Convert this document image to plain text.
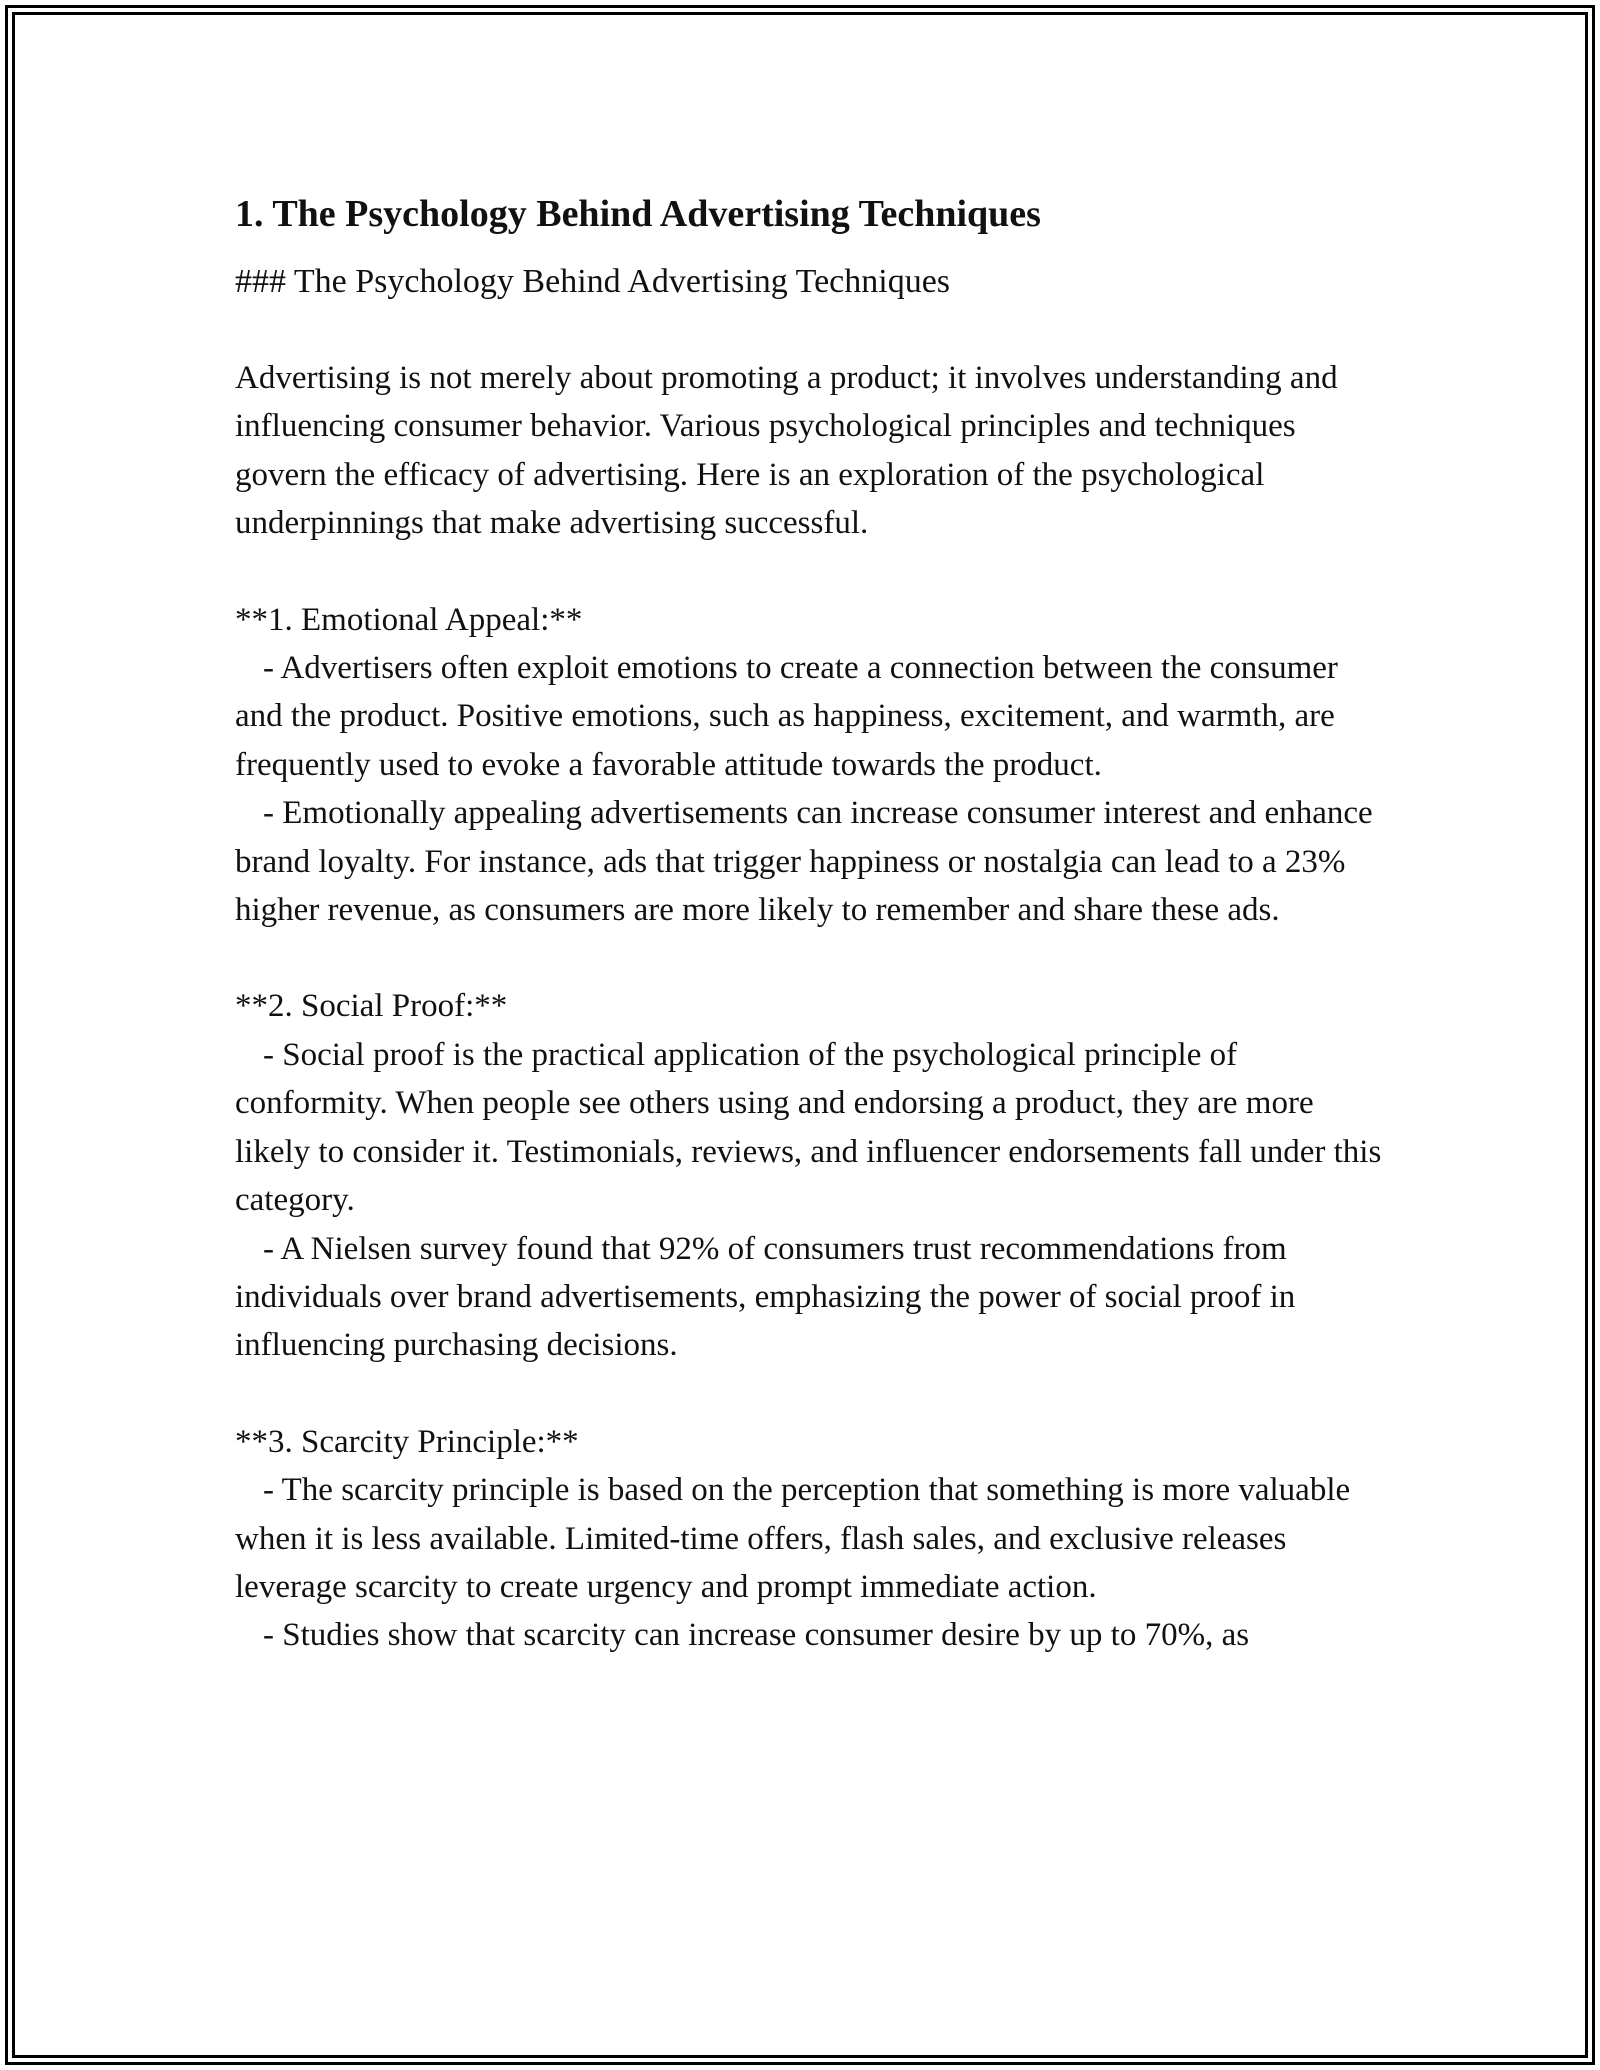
1. The Psychology Behind Advertising Techniques

### The Psychology Behind Advertising Techniques

Advertising is not merely about promoting a product; it involves understanding and influencing consumer behavior. Various psychological principles and techniques govern the efficacy of advertising. Here is an exploration of the psychological underpinnings that make advertising successful.

**1. Emotional Appeal:**

- Advertisers often exploit emotions to create a connection between the consumer and the product. Positive emotions, such as happiness, excitement, and warmth, are frequently used to evoke a favorable attitude towards the product.

- Emotionally appealing advertisements can increase consumer interest and enhance brand loyalty. For instance, ads that trigger happiness or nostalgia can lead to a 23% higher revenue, as consumers are more likely to remember and share these ads.

**2. Social Proof:**

- Social proof is the practical application of the psychological principle of conformity. When people see others using and endorsing a product, they are more likely to consider it. Testimonials, reviews, and influencer endorsements fall under this category.

- A Nielsen survey found that 92% of consumers trust recommendations from individuals over brand advertisements, emphasizing the power of social proof in influencing purchasing decisions.

**3. Scarcity Principle:**

- The scarcity principle is based on the perception that something is more valuable when it is less available. Limited-time offers, flash sales, and exclusive releases leverage scarcity to create urgency and prompt immediate action.

- Studies show that scarcity can increase consumer desire by up to 70%, as
